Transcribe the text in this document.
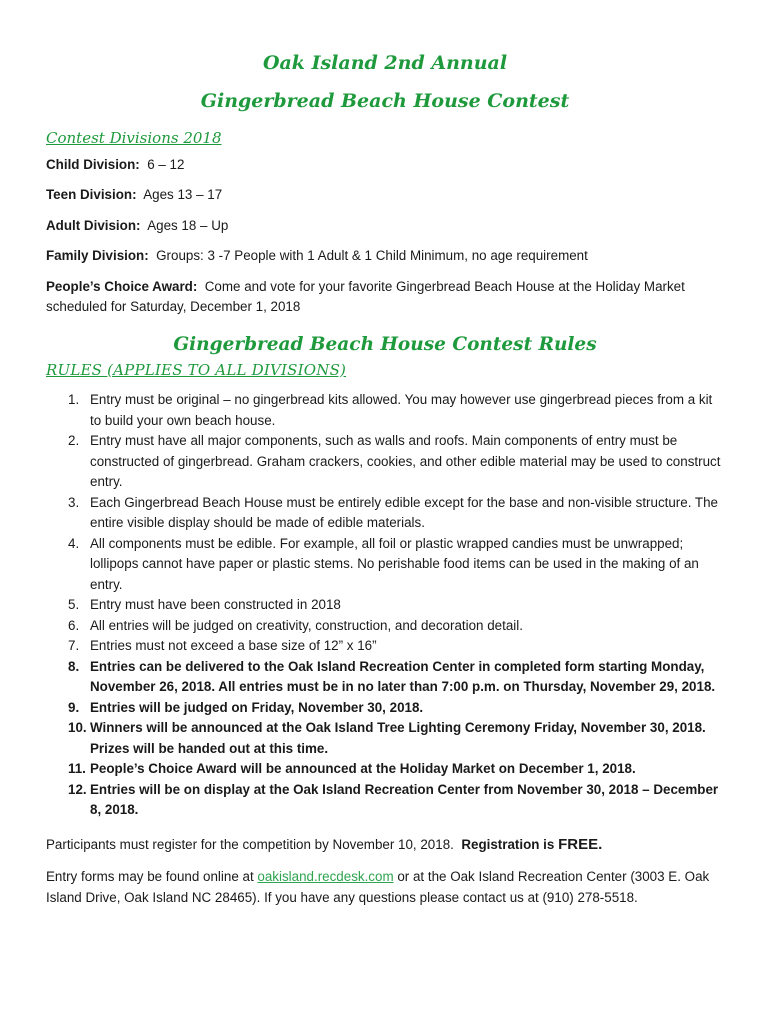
Oak Island 2nd Annual
Gingerbread Beach House Contest
Contest Divisions 2018
Child Division: 6 – 12
Teen Division: Ages 13 – 17
Adult Division: Ages 18 – Up
Family Division: Groups: 3 -7 People with 1 Adult & 1 Child Minimum, no age requirement
People’s Choice Award: Come and vote for your favorite Gingerbread Beach House at the Holiday Market scheduled for Saturday, December 1, 2018
Gingerbread Beach House Contest Rules
RULES (APPLIES TO ALL DIVISIONS)
1. Entry must be original – no gingerbread kits allowed. You may however use gingerbread pieces from a kit to build your own beach house.
2. Entry must have all major components, such as walls and roofs. Main components of entry must be constructed of gingerbread. Graham crackers, cookies, and other edible material may be used to construct entry.
3. Each Gingerbread Beach House must be entirely edible except for the base and non-visible structure. The entire visible display should be made of edible materials.
4. All components must be edible. For example, all foil or plastic wrapped candies must be unwrapped; lollipops cannot have paper or plastic stems. No perishable food items can be used in the making of an entry.
5. Entry must have been constructed in 2018
6. All entries will be judged on creativity, construction, and decoration detail.
7. Entries must not exceed a base size of 12” x 16”
8. Entries can be delivered to the Oak Island Recreation Center in completed form starting Monday, November 26, 2018. All entries must be in no later than 7:00 p.m. on Thursday, November 29, 2018.
9. Entries will be judged on Friday, November 30, 2018.
10. Winners will be announced at the Oak Island Tree Lighting Ceremony Friday, November 30, 2018. Prizes will be handed out at this time.
11. People’s Choice Award will be announced at the Holiday Market on December 1, 2018.
12. Entries will be on display at the Oak Island Recreation Center from November 30, 2018 – December 8, 2018.

Participants must register for the competition by November 10, 2018. Registration is FREE.

Entry forms may be found online at oakisland.recdesk.com or at the Oak Island Recreation Center (3003 E. Oak Island Drive, Oak Island NC 28465). If you have any questions please contact us at (910) 278-5518.
